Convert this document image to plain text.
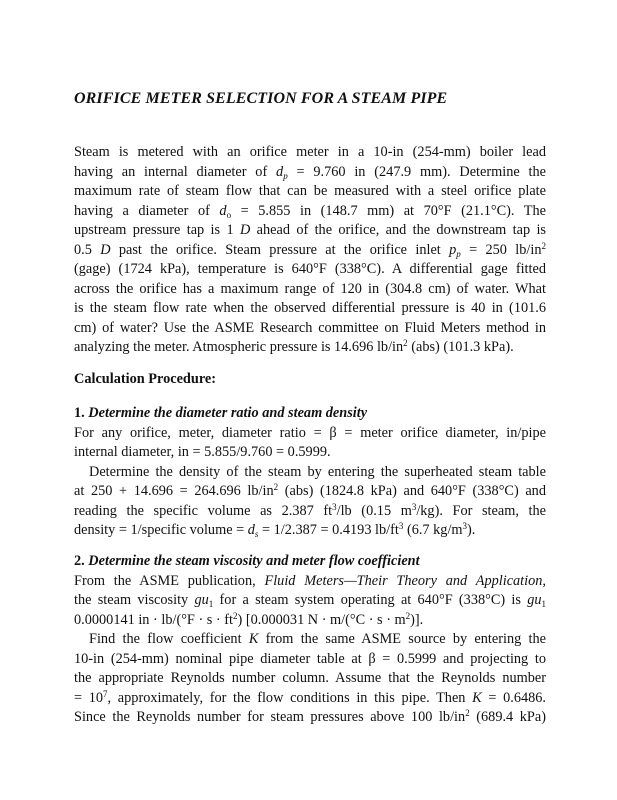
ORIFICE METER SELECTION FOR A STEAM PIPE
Steam is metered with an orifice meter in a 10-in (254-mm) boiler lead
having an internal diameter of $d_p = 9.760$ in (247.9 mm). Determine the
maximum rate of steam flow that can be measured with a steel orifice plate
having a diameter of $d_o = 5.855$ in (148.7 mm) at 70°F (21.1°C). The
upstream pressure tap is 1 D ahead of the orifice, and the downstream tap is
0.5 D past the orifice. Steam pressure at the orifice inlet $p_p = 250$ $lb/in^2$
(gage) (1724 kPa), temperature is 640°F (338°C). A differential gage fitted
across the orifice has a maximum range of 120 in (304.8 cm) of water. What
is the steam flow rate when the observed differential pressure is 40 in (101.6
cm) of water? Use the ASME Research committee on Fluid Meters method in
analyzing the meter. Atmospheric pressure is 14.696 $lb/in^2$ (abs) (101.3 kPa).
Calculation Procedure:
1. Determine the diameter ratio and steam density
For any orifice, meter, diameter ratio = β = meter orifice diameter, in/pipe
internal diameter, in = 5.855/9.760 = 0.5999.
Determine the density of the steam by entering the superheated steam table
at 250 + 14.696 = 264.696 $lb/in^2$ (abs) (1824.8 kPa) and 640°F (338°C) and
reading the specific volume as 2.387 $ft^3/lb$ (0.15 $m^3/kg$). For steam, the
density = 1/specific volume = $d_s = 1/2.387 = 0.4193$ $lb/ft^3$ (6.7 $kg/m^3$).
2. Determine the steam viscosity and meter flow coefficient
From the ASME publication, Fluid Meters—Their Theory and Application,
the steam viscosity $gu_1$ for a steam system operating at 640°F (338°C) is $gu_1$
0.0000141 in · $lb/(^\circ F \cdot s \cdot ft^2)$ [0.000031 $N \cdot m/(^\circ C \cdot s \cdot m^2)$].
Find the flow coefficient K from the same ASME source by entering the
10-in (254-mm) nominal pipe diameter table at β = 0.5999 and projecting to
the appropriate Reynolds number column. Assume that the Reynolds number
= $10^7$, approximately, for the flow conditions in this pipe. Then K = 0.6486.
Since the Reynolds number for steam pressures above 100 $lb/in^2$ (689.4 kPa)
